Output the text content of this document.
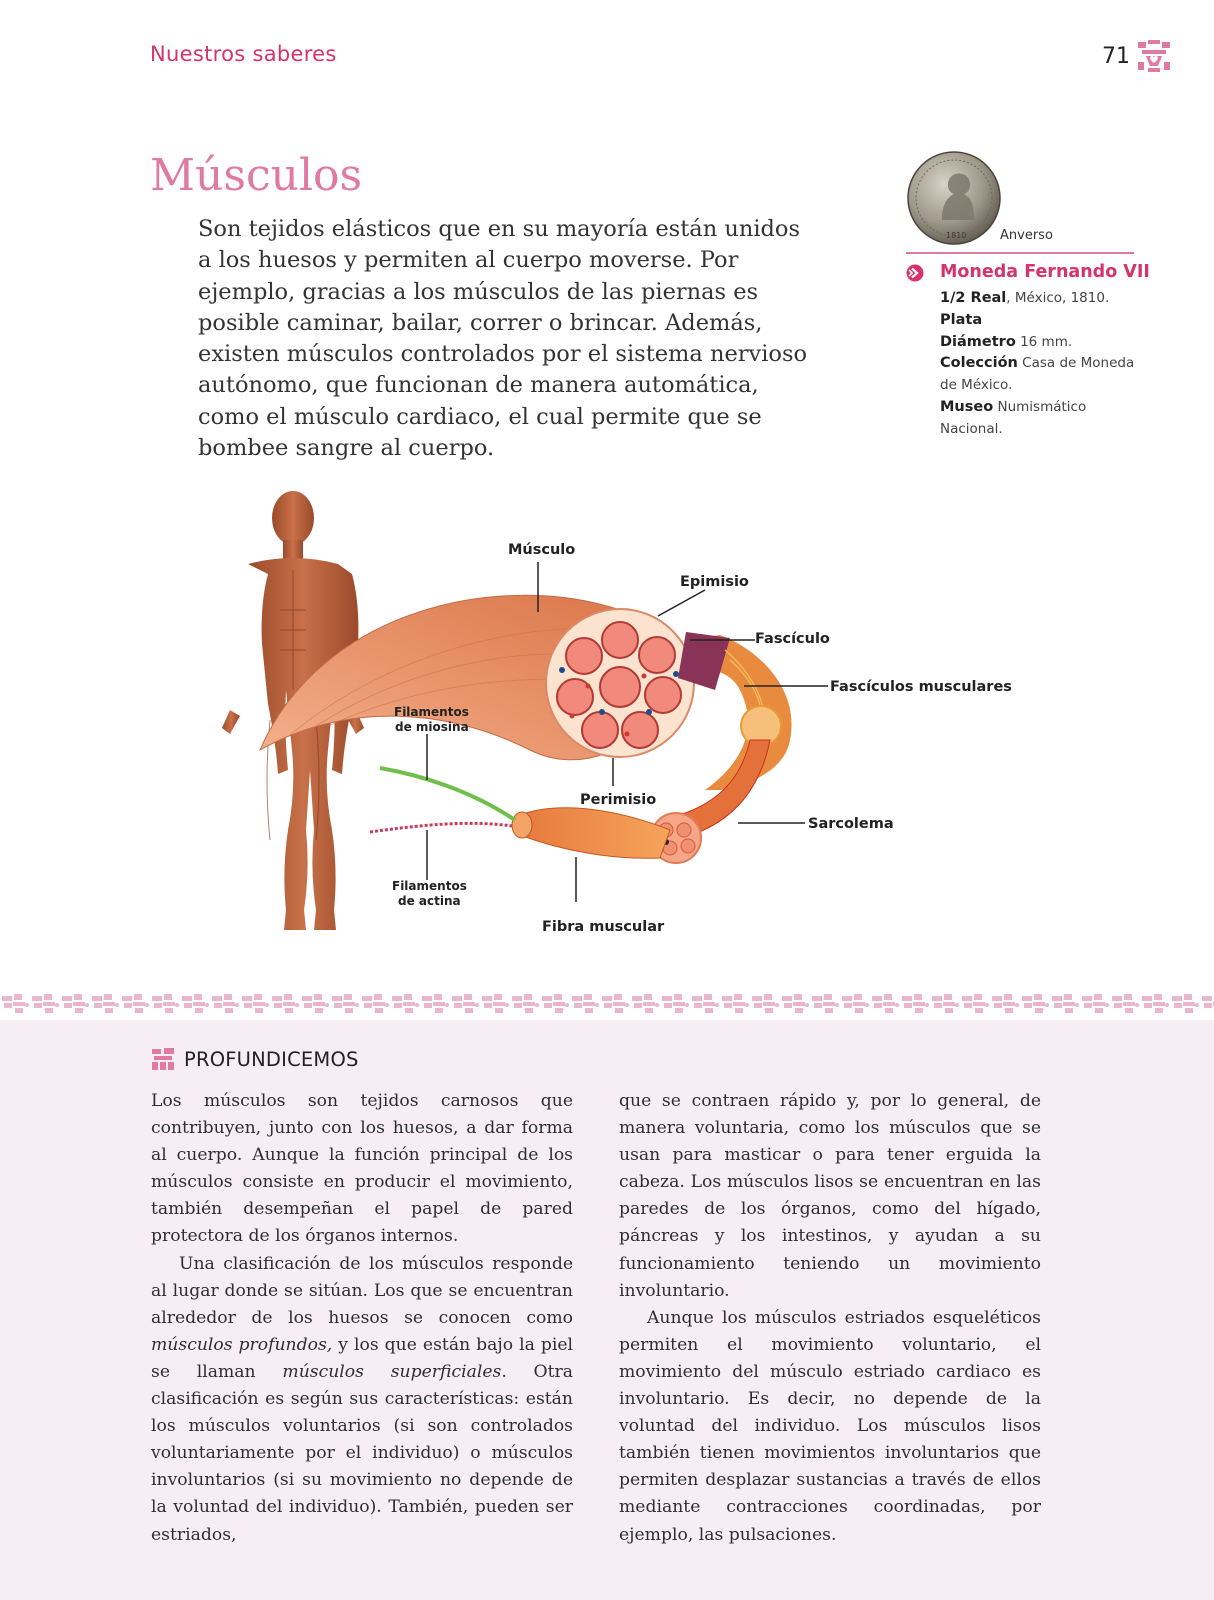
Nuestros saberes	71
Músculos

Son tejidos elásticos que en su mayoría están unidos a los huesos y permiten al cuerpo moverse. Por ejemplo, gracias a los músculos de las piernas es posible caminar, bailar, correr o brincar. Además, existen músculos controlados por el sistema nervioso autónomo, que funcionan de manera automática, como el músculo cardiaco, el cual permite que se bombee sangre al cuerpo.

1810	Anverso
Moneda Fernando VII
1/2 Real, México, 1810.
Plata
Diámetro 16 mm.
Colección Casa de Moneda de México.
Museo Numismático Nacional.
Músculo
Epimisio
Fascículo
Fascículos musculares
Filamentos
de miosina
Perimisio
Sarcolema
Filamentos
de actina
Fibra muscular
PROFUNDICEMOS

Los músculos son tejidos carnosos que contribuyen, junto con los huesos, a dar forma al cuerpo. Aunque la función principal de los músculos consiste en producir el movimiento, también desempeñan el papel de pared protectora de los órganos internos.

Una clasificación de los músculos responde al lugar donde se sitúan. Los que se encuentran alrededor de los huesos se conocen como músculos profundos, y los que están bajo la piel se llaman músculos superficiales. Otra clasificación es según sus características: están los músculos voluntarios (si son controlados voluntariamente por el individuo) o músculos involuntarios (si su movimiento no depende de la voluntad del individuo). También, pueden ser estriados,

que se contraen rápido y, por lo general, de manera voluntaria, como los músculos que se usan para masticar o para tener erguida la cabeza. Los músculos lisos se encuentran en las paredes de los órganos, como del hígado, páncreas y los intestinos, y ayudan a su funcionamiento teniendo un movimiento involuntario.

Aunque los músculos estriados esqueléticos permiten el movimiento voluntario, el movimiento del músculo estriado cardiaco es involuntario. Es decir, no depende de la voluntad del individuo. Los músculos lisos también tienen movimientos involuntarios que permiten desplazar sustancias a través de ellos mediante contracciones coordinadas, por ejemplo, las pulsaciones.
